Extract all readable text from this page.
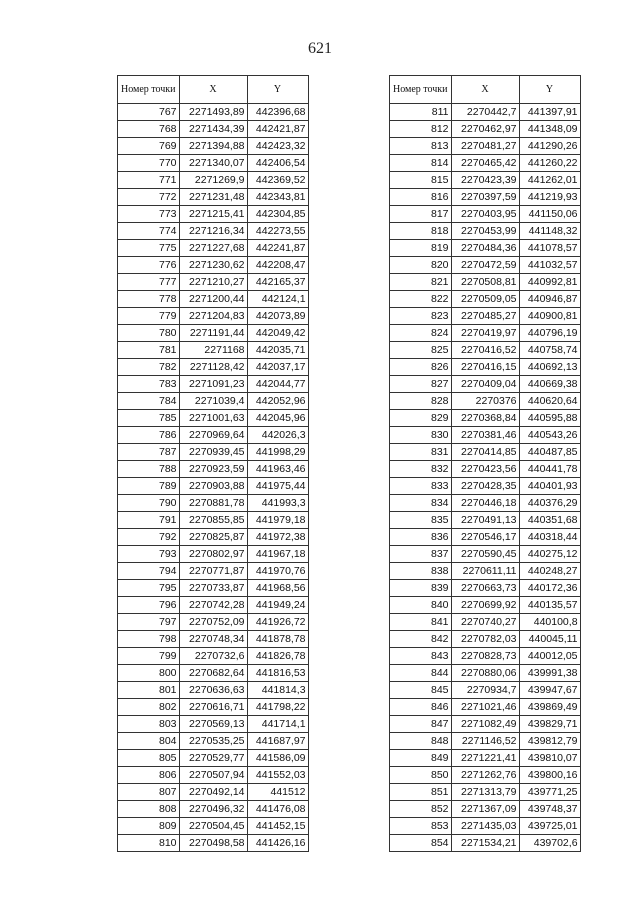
621
Номер точки	X	Y
767	2271493,89	442396,68
768	2271434,39	442421,87
769	2271394,88	442423,32
770	2271340,07	442406,54
771	2271269,9	442369,52
772	2271231,48	442343,81
773	2271215,41	442304,85
774	2271216,34	442273,55
775	2271227,68	442241,87
776	2271230,62	442208,47
777	2271210,27	442165,37
778	2271200,44	442124,1
779	2271204,83	442073,89
780	2271191,44	442049,42
781	2271168	442035,71
782	2271128,42	442037,17
783	2271091,23	442044,77
784	2271039,4	442052,96
785	2271001,63	442045,96
786	2270969,64	442026,3
787	2270939,45	441998,29
788	2270923,59	441963,46
789	2270903,88	441975,44
790	2270881,78	441993,3
791	2270855,85	441979,18
792	2270825,87	441972,38
793	2270802,97	441967,18
794	2270771,87	441970,76
795	2270733,87	441968,56
796	2270742,28	441949,24
797	2270752,09	441926,72
798	2270748,34	441878,78
799	2270732,6	441826,78
800	2270682,64	441816,53
801	2270636,63	441814,3
802	2270616,71	441798,22
803	2270569,13	441714,1
804	2270535,25	441687,97
805	2270529,77	441586,09
806	2270507,94	441552,03
807	2270492,14	441512
808	2270496,32	441476,08
809	2270504,45	441452,15
810	2270498,58	441426,16
Номер точки	X	Y
811	2270442,7	441397,91
812	2270462,97	441348,09
813	2270481,27	441290,26
814	2270465,42	441260,22
815	2270423,39	441262,01
816	2270397,59	441219,93
817	2270403,95	441150,06
818	2270453,99	441148,32
819	2270484,36	441078,57
820	2270472,59	441032,57
821	2270508,81	440992,81
822	2270509,05	440946,87
823	2270485,27	440900,81
824	2270419,97	440796,19
825	2270416,52	440758,74
826	2270416,15	440692,13
827	2270409,04	440669,38
828	2270376	440620,64
829	2270368,84	440595,88
830	2270381,46	440543,26
831	2270414,85	440487,85
832	2270423,56	440441,78
833	2270428,35	440401,93
834	2270446,18	440376,29
835	2270491,13	440351,68
836	2270546,17	440318,44
837	2270590,45	440275,12
838	2270611,11	440248,27
839	2270663,73	440172,36
840	2270699,92	440135,57
841	2270740,27	440100,8
842	2270782,03	440045,11
843	2270828,73	440012,05
844	2270880,06	439991,38
845	2270934,7	439947,67
846	2271021,46	439869,49
847	2271082,49	439829,71
848	2271146,52	439812,79
849	2271221,41	439810,07
850	2271262,76	439800,16
851	2271313,79	439771,25
852	2271367,09	439748,37
853	2271435,03	439725,01
854	2271534,21	439702,6
